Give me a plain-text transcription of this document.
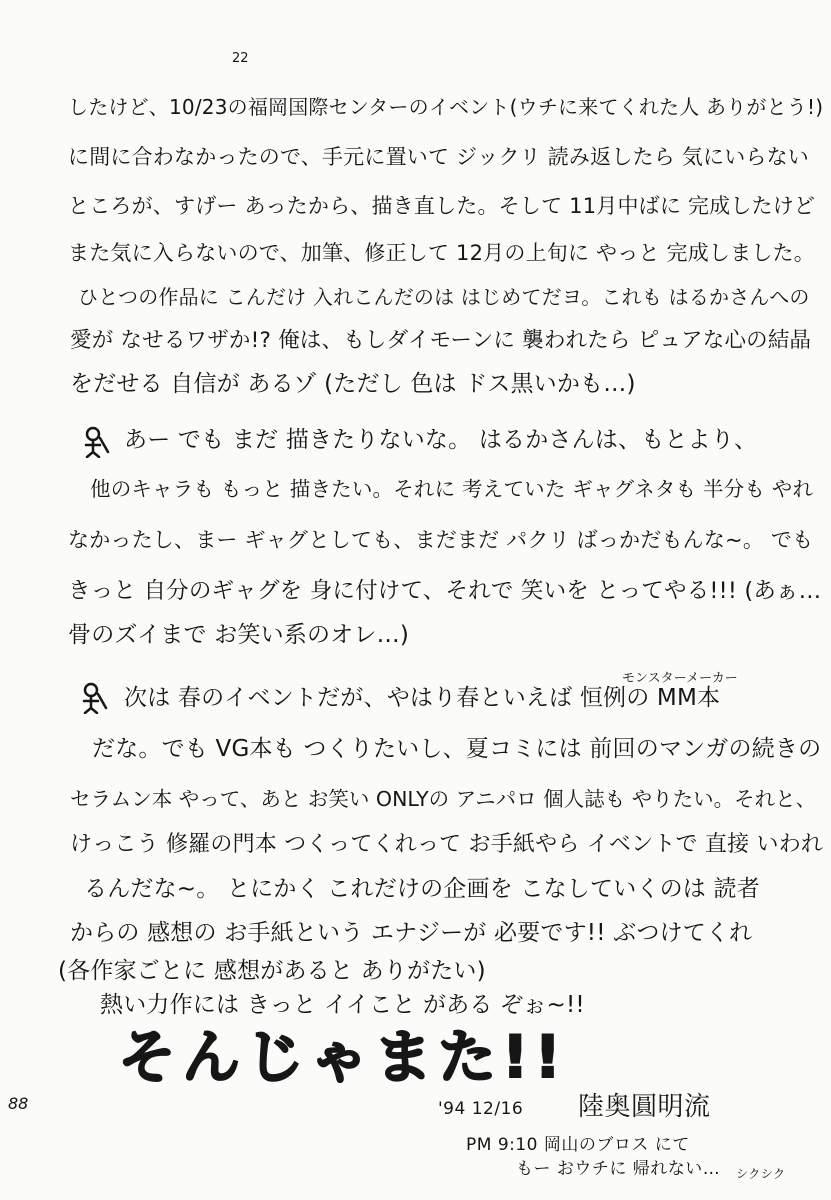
22
したけど、10/23の福岡国際センターのイベント(ウチに来てくれた人 ありがとう!)
に間に合わなかったので、手元に置いて ジックリ 読み返したら 気にいらない
ところが、すげー あったから、描き直した。そして 11月中ばに 完成したけど
また気に入らないので、加筆、修正して 12月の上旬に やっと 完成しました。
ひとつの作品に こんだけ 入れこんだのは はじめてだヨ。これも はるかさんへの
愛が なせるワザか!? 俺は、もしダイモーンに 襲われたら ピュアな心の結晶
をだせる 自信が あるゾ (ただし 色は ドス黒いかも…)
あー でも まだ 描きたりないな。 はるかさんは、もとより、
他のキャラも もっと 描きたい。それに 考えていた ギャグネタも 半分も やれ
なかったし、まー ギャグとしても、まだまだ パクリ ばっかだもんな~。 でも
きっと 自分のギャグを 身に付けて、それで 笑いを とってやる!!! (あぁ…
骨のズイまで お笑い系のオレ…)
モンスターメーカー
次は 春のイベントだが、やはり春といえば 恒例の MM本
だな。でも VG本も つくりたいし、夏コミには 前回のマンガの続きの
セラムン本 やって、あと お笑い ONLYの アニパロ 個人誌も やりたい。それと、
けっこう 修羅の門本 つくってくれって お手紙やら イベントで 直接 いわれ
るんだな~。 とにかく これだけの企画を こなしていくのは 読者
からの 感想の お手紙という エナジーが 必要です!! ぶつけてくれ
(各作家ごとに 感想があると ありがたい)
熱い力作には きっと イイこと がある ぞぉ~!!
そんじゃまた!!
88	'94 12/16 陸奥圓明流
PM 9:10 岡山のブロス にて
もー おウチに 帰れない… シクシク
